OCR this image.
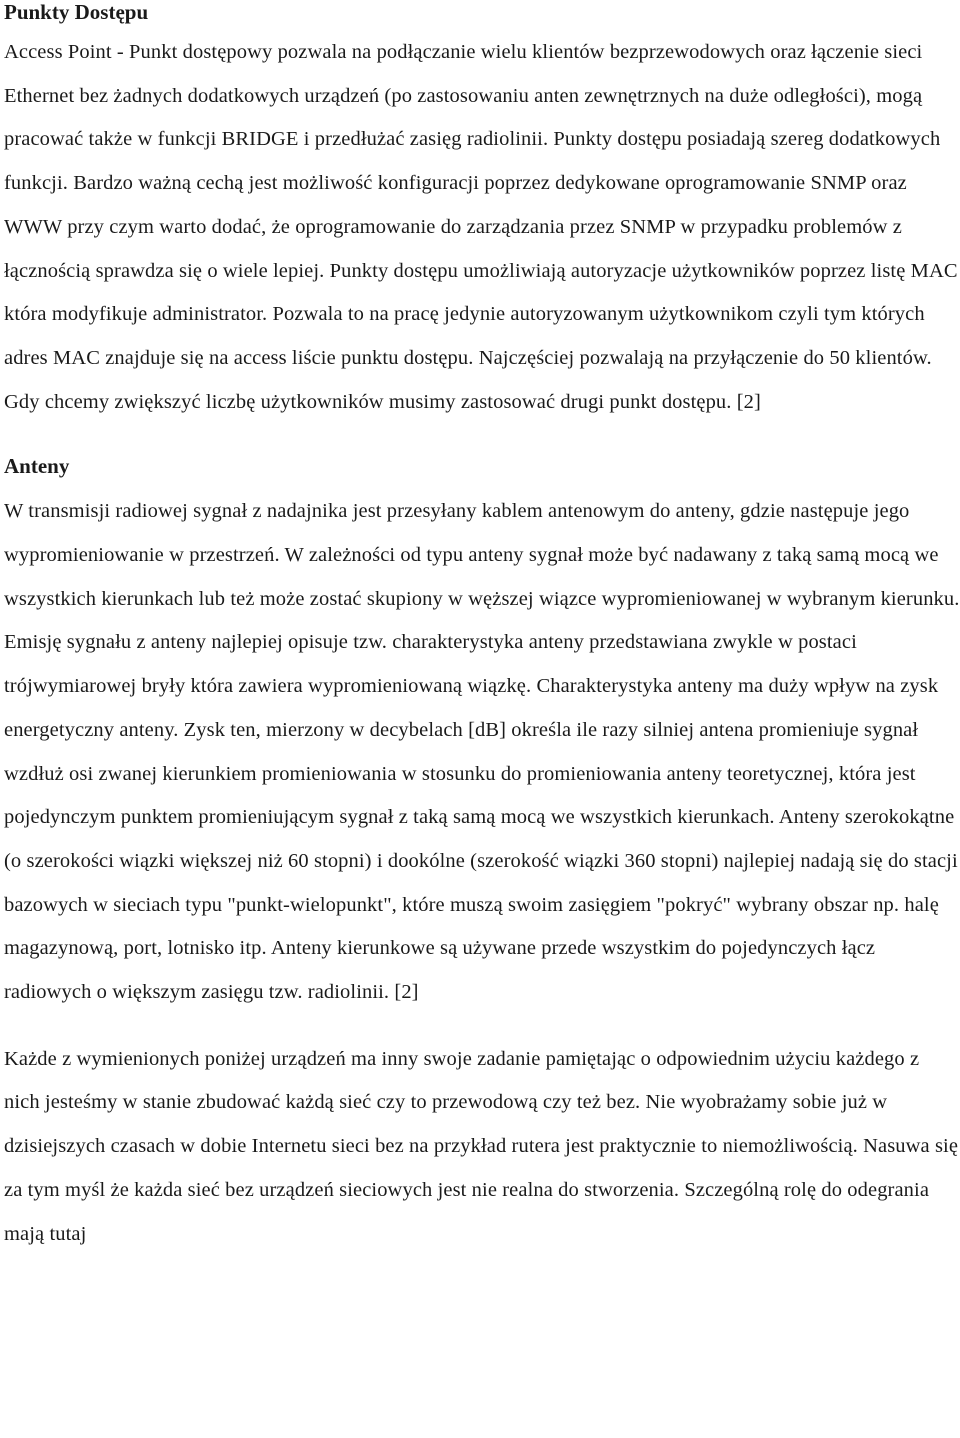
Punkty Dostępu

Access Point - Punkt dostępowy pozwala na podłączanie wielu klientów bezprzewodowych oraz łączenie sieci Ethernet bez żadnych dodatkowych urządzeń (po zastosowaniu anten zewnętrznych na duże odległości), mogą pracować także w funkcji BRIDGE i przedłużać zasięg radiolinii. Punkty dostępu posiadają szereg dodatkowych funkcji. Bardzo ważną cechą jest możliwość konfiguracji poprzez dedykowane oprogramowanie SNMP oraz WWW przy czym warto dodać, że oprogramowanie do zarządzania przez SNMP w przypadku problemów z łącznością sprawdza się o wiele lepiej. Punkty dostępu umożliwiają autoryzacje użytkowników poprzez listę MAC która modyfikuje administrator. Pozwala to na pracę jedynie autoryzowanym użytkownikom czyli tym których adres MAC znajduje się na access liście punktu dostępu. Najczęściej pozwalają na przyłączenie do 50 klientów. Gdy chcemy zwiększyć liczbę użytkowników musimy zastosować drugi punkt dostępu. [2]

Anteny

W transmisji radiowej sygnał z nadajnika jest przesyłany kablem antenowym do anteny, gdzie następuje jego wypromieniowanie w przestrzeń. W zależności od typu anteny sygnał może być nadawany z taką samą mocą we wszystkich kierunkach lub też może zostać skupiony w węższej wiązce wypromieniowanej w wybranym kierunku. Emisję sygnału z anteny najlepiej opisuje tzw. charakterystyka anteny przedstawiana zwykle w postaci trójwymiarowej bryły która zawiera wypromieniowaną wiązkę. Charakterystyka anteny ma duży wpływ na zysk energetyczny anteny. Zysk ten, mierzony w decybelach [dB] określa ile razy silniej antena promieniuje sygnał wzdłuż osi zwanej kierunkiem promieniowania w stosunku do promieniowania anteny teoretycznej, która jest pojedynczym punktem promieniującym sygnał z taką samą mocą we wszystkich kierunkach. Anteny szerokokątne (o szerokości wiązki większej niż 60 stopni) i dookólne (szerokość wiązki 360 stopni) najlepiej nadają się do stacji bazowych w sieciach typu "punkt-wielopunkt", które muszą swoim zasięgiem "pokryć" wybrany obszar np. halę magazynową, port, lotnisko itp. Anteny kierunkowe są używane przede wszystkim do pojedynczych łącz radiowych o większym zasięgu tzw. radiolinii. [2]

Każde z wymienionych poniżej urządzeń ma inny swoje zadanie pamiętając o odpowiednim użyciu każdego z nich jesteśmy w stanie zbudować każdą sieć czy to przewodową czy też bez. Nie wyobrażamy sobie już w dzisiejszych czasach w dobie Internetu sieci bez na przykład rutera jest praktycznie to niemożliwością. Nasuwa się za tym myśl że każda sieć bez urządzeń sieciowych jest nie realna do stworzenia. Szczególną rolę do odegrania mają tutaj
